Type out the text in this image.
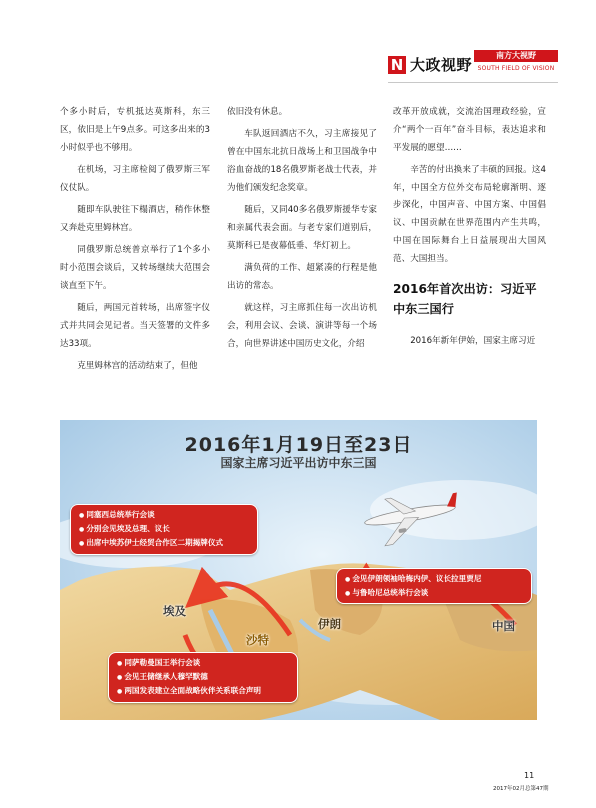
N 大政视野
南方大视野
SOUTH FIELD OF VISION

个多小时后，专机抵达莫斯科，东三区，依旧是上午9点多。可这多出来的3小时似乎也不够用。

在机场，习主席检阅了俄罗斯三军仪仗队。

随即车队驶往下榻酒店，稍作休整又奔赴克里姆林宫。

同俄罗斯总统普京举行了1个多小时小范围会谈后，又转场继续大范围会谈直至下午。

随后，两国元首转场，出席签字仪式并共同会见记者。当天签署的文件多达33项。

克里姆林宫的活动结束了，但他

依旧没有休息。

车队返回酒店不久，习主席接见了曾在中国东北抗日战场上和卫国战争中浴血奋战的18名俄罗斯老战士代表，并为他们颁发纪念奖章。

随后，又同40多名俄罗斯援华专家和亲属代表会面。与老专家们道别后，莫斯科已是夜幕低垂、华灯初上。

满负荷的工作、超紧凑的行程是他出访的常态。

就这样，习主席抓住每一次出访机会，利用会议、会谈、演讲等每一个场合，向世界讲述中国历史文化，介绍

改革开放成就，交流治国理政经验，宣介“两个一百年”奋斗目标，表达追求和平发展的愿望……

辛苦的付出换来了丰硕的回报。这4年，中国全方位外交布局轮廓渐明、逐步深化，中国声音、中国方案、中国倡议、中国贡献在世界范围内产生共鸣，中国在国际舞台上日益展现出大国风范、大国担当。

2016年首次出访：习近平中东三国行

2016年新年伊始，国家主席习近

2016年1月19日至23日
国家主席习近平出访中东三国
● 同塞西总统举行会谈
● 分别会见埃及总理、议长
● 出席中埃苏伊士经贸合作区二期揭牌仪式
● 会见伊朗领袖哈梅内伊、议长拉里贾尼
● 与鲁哈尼总统举行会谈
● 同萨勒曼国王举行会谈
● 会见王储继承人穆罕默德
● 两国发表建立全面战略伙伴关系联合声明
埃及
沙特
伊朗	中国
11
2017年02月总第47期
